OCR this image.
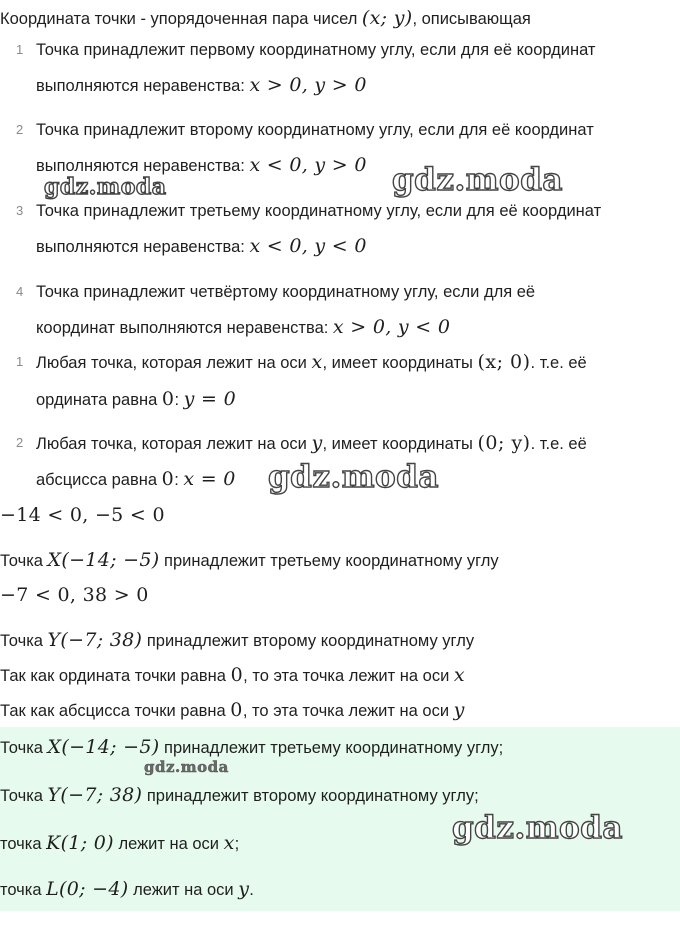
Координата точки - упорядоченная пара чисел (x; y), описывающая
1 Точка принадлежит первому координатному углу, если для её координат
выполняются неравенства: x > 0, y > 0
2 Точка принадлежит второму координатному углу, если для её координат
выполняются неравенства: x < 0, y > 0
3 Точка принадлежит третьему координатному углу, если для её координат
выполняются неравенства: x < 0, y < 0
4 Точка принадлежит четвёртому координатному углу, если для её
координат выполняются неравенства: x > 0, y < 0
1 Любая точка, которая лежит на оси x, имеет координаты (x; 0). т.е. её
ордината равна 0: y = 0
2 Любая точка, которая лежит на оси y, имеет координаты (0; y). т.е. её
абсцисса равна 0: x = 0
−14 < 0, −5 < 0
Точка X(−14; −5) принадлежит третьему координатному углу
−7 < 0, 38 > 0
Точка Y(−7; 38) принадлежит второму координатному углу
Так как ордината точки равна 0, то эта точка лежит на оси x
Так как абсцисса точки равна 0, то эта точка лежит на оси y
Точка X(−14; −5) принадлежит третьему координатному углу;
Точка Y(−7; 38) принадлежит второму координатному углу;
точка K(1; 0) лежит на оси x;
точка L(0; −4) лежит на оси y.
gdz.moda	gdz.moda
gdz.moda
gdz.moda
gdz.moda
